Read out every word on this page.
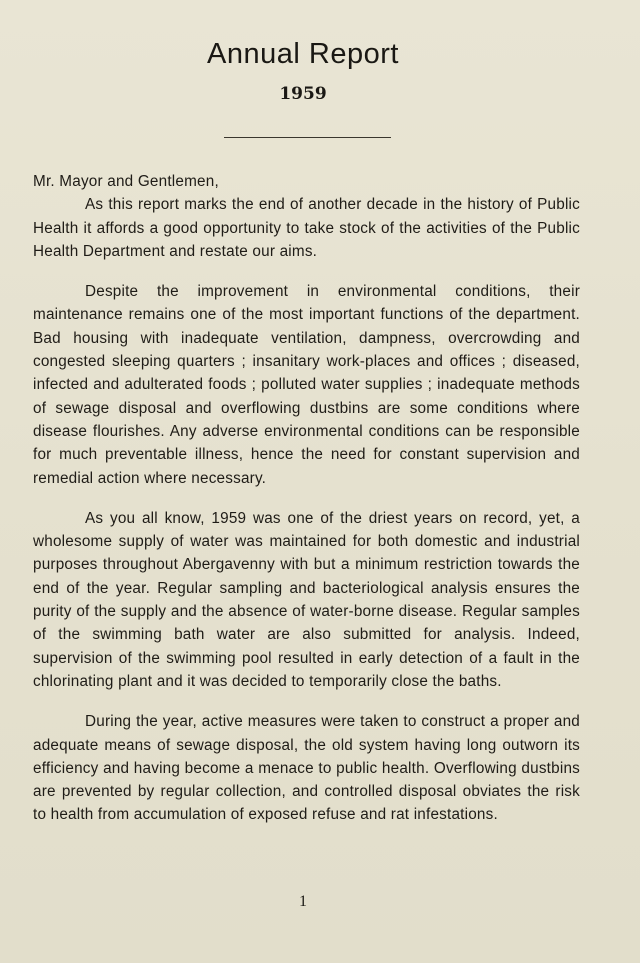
Annual Report
1959

Mr. Mayor and Gentlemen,

As this report marks the end of another decade in the history of Public Health it affords a good opportunity to take stock of the activities of the Public Health Department and restate our aims.

Despite the improvement in environmental conditions, their maintenance remains one of the most important functions of the department. Bad housing with inadequate ventilation, dampness, overcrowding and congested sleeping quarters ; insanitary work-places and offices ; diseased, infected and adulterated foods ; polluted water supplies ; inadequate methods of sewage disposal and overflowing dustbins are some conditions where disease flourishes. Any adverse environmental conditions can be responsible for much preventable illness, hence the need for constant supervision and remedial action where necessary.

As you all know, 1959 was one of the driest years on record, yet, a wholesome supply of water was maintained for both domestic and industrial purposes throughout Abergavenny with but a minimum restriction towards the end of the year. Regular sampling and bacteriological analysis ensures the purity of the supply and the absence of water-borne disease. Regular samples of the swimming bath water are also submitted for analysis. Indeed, supervision of the swimming pool resulted in early detection of a fault in the chlorinating plant and it was decided to temporarily close the baths.

During the year, active measures were taken to construct a proper and adequate means of sewage disposal, the old system having long outworn its efficiency and having become a menace to public health. Overflowing dustbins are prevented by regular collection, and controlled disposal obviates the risk to health from accumulation of exposed refuse and rat infestations.

1
